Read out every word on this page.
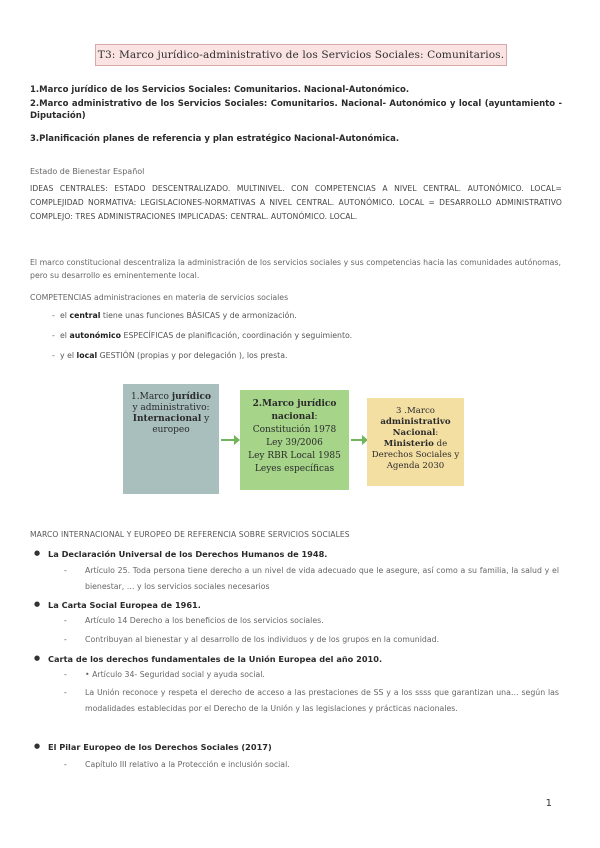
T3: Marco jurídico-administrativo de los Servicios Sociales: Comunitarios.
1.Marco jurídico de los Servicios Sociales: Comunitarios. Nacional-Autonómico.
2.Marco administrativo de los Servicios Sociales: Comunitarios. Nacional- Autonómico y local (ayuntamiento -Diputación)
3.Planificación planes de referencia y plan estratégico Nacional-Autonómica.
Estado de Bienestar Español
IDEAS CENTRALES: ESTADO DESCENTRALIZADO. MULTINIVEL. CON COMPETENCIAS A NIVEL CENTRAL. AUTONÓMICO. LOCAL= COMPLEJIDAD NORMATIVA: LEGISLACIONES-NORMATIVAS A NIVEL CENTRAL. AUTONÓMICO. LOCAL = DESARROLLO ADMINISTRATIVO COMPLEJO: TRES ADMINISTRACIONES IMPLICADAS: CENTRAL. AUTONÓMICO. LOCAL.
El marco constitucional descentraliza la administración de los servicios sociales y sus competencias hacia las comunidades autónomas, pero su desarrollo es eminentemente local.
COMPETENCIAS administraciones en materia de servicios sociales
- el central tiene unas funciones BÁSICAS y de armonización.
- el autonómico ESPECÍFICAS de planificación, coordinación y seguimiento.
- y el local GESTIÓN (propias y por delegación ), los presta.
1.Marco jurídico
y administrativo:
Internacional y
europeo
2.Marco jurídico
nacional:
Constitución 1978
Ley 39/2006
Ley RBR Local 1985
Leyes específicas
3 .Marco
administrativo
Nacional:
Ministerio de
Derechos Sociales y
Agenda 2030
MARCO INTERNACIONAL Y EUROPEO DE REFERENCIA SOBRE SERVICIOS SOCIALES
● La Declaración Universal de los Derechos Humanos de 1948.
- Artículo 25. Toda persona tiene derecho a un nivel de vida adecuado que le asegure, así como a su familia, la salud y el bienestar, … y los servicios sociales necesarios
● La Carta Social Europea de 1961.
- Artículo 14 Derecho a los beneficios de los servicios sociales.
- Contribuyan al bienestar y al desarrollo de los individuos y de los grupos en la comunidad.
● Carta de los derechos fundamentales de la Unión Europea del año 2010.
- • Artículo 34- Seguridad social y ayuda social.
- La Unión reconoce y respeta el derecho de acceso a las prestaciones de SS y a los ssss que garantizan una… según las modalidades establecidas por el Derecho de la Unión y las legislaciones y prácticas nacionales.
● El Pilar Europeo de los Derechos Sociales (2017)
- Capítulo III relativo a la Protección e inclusión social.
1
